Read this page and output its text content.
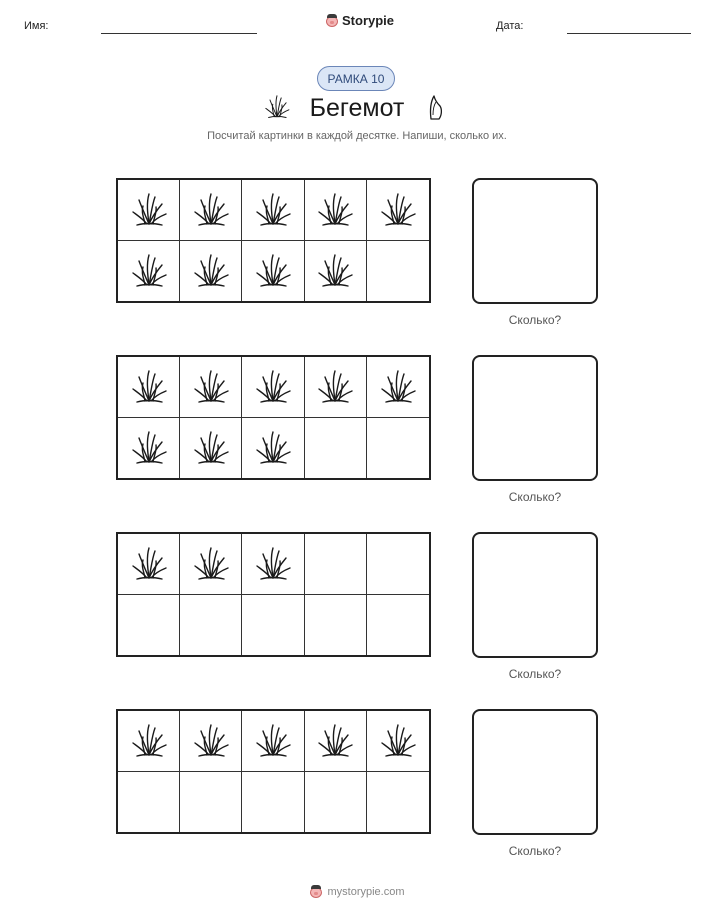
Имя:	Storypie	Дата:
РАМКА 10
Бегемот
Посчитай картинки в каждой десятке. Напиши, сколько их.
Сколько?
Сколько?
Сколько?
Сколько?
mystorypie.com
